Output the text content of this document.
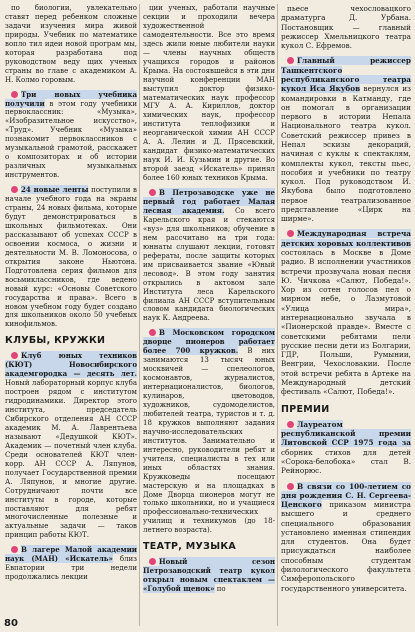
по биологии, увлекательно ставят перед ребенком сложные задачи изучения мира живой природы. Учебник по математике вопло тил идеи новой програм мы, которая разработана под руководством веду щих ученых страны во главе с академиком А. Н. Колмо горовым.

Три новых учебника получили в этом году учебники первоклассник: «Музыка», «Изобразительное искусство», «Труд». Учебник «Музыка» познакомит первоклассников с музыкальной грамотой, расскажет о композиторах и об истории различных музыкальных инструментов.

24 новые ленты поступили в начале учебного года на экраны страны, 24 новых фильма, которые будут демонстрироваться в школьных фильмотеках. Они рассказывают об успехах СССР в освоении космоса, о жизни и деятельности М. В. Ломоносова, о открытия законе Ньютона. Подготовлена серия фильмов для восьмиклассников, где ведено новый курс: «Основы Советского государства и права». Всего в новом учебном году будет создано для школьников около 50 учебных кинофильмов.

КЛУБЫ, КРУЖКИ

Клуб юных техников (КЮТ) Новосибирского академгородка — десять лет. Новый лабораторный корпус клуба построен рядом с институтом гидродинамики. Директор этого института, председатель Сибирского отделения АН СССР академик М. А. Лаврентьева называют «Дедушкой КЮТ». Академик — почетный член клуба. Среди основателей КЮТ член-корр. АН СССР А. Ляпунов, получает Государственной премии А. Ляпунов, и многие другие. Сотрудничают почти все институты в городе, которые поставляют для ребят многочисленные полезные и актуальные задачи — таков принцип работы КЮТ.

В лагере Малой академии наук (МАН) «Искатель» близ Евпатории три недели продолжались лекции

ции ученых, работали научные секции и проходили вечера художественной самодеятельности. Все это время здесь жили юные любители науки — члены научных обществ учащихся городов и районов Крыма. На состоявшейся в эти дни научной конференции МАН выступил доктор физико-математических наук профессор МГУ А. А. Кириллов, доктор химических наук, профессор института теплофизики и неорганической химии АН СССР А. А. Лелин и Д. Прясевский, кандидат физико-математических наук И. И. Кузьмин и другие. Во второй заезд «Искатель» принял более 160 юных техников Крыма.

В Петрозаводске уже не первый год работает Малая лесная академия. Со всего Карельского края и стекаются «вуз» для школьников; обучение в нем рассчитано на три года: юннаты слушают лекции, готовят рефераты, после защиты которых им присваивается звание «Юный лесовод». В этом году занятия открылись в актовом зале Института леса Карельского филиала АН СССР вступительным словом кандидата биологических наук К. Андреева.

В Московском городском дворце пионеров работает более 700 кружков. В них занимаются 13 тысяч юных москвичей — спелеологов, космонавтов, журналистов, интернационалистов, биологов, кулинаров, цветоводов, художников, судомоделистов, любителей театра, туристов и т. д. 18 кружков выполняют задания научно-исследовательских институтов. Занимательно и интересно, руководители ребят и учителя, специалисты в тех или иных областях знания. Кружковеды посещают мастерскую и на площадках в Доме Дворца пионеров могут не только школьники, но и учащиеся профессионально-технических училищ и техникумов (до 18-летнего возраста).

ТЕАТР, МУЗЫКА

Новый сезон Петрозаводский театр кукол открыл новым спектаклем — «Голубой щенок» по

пьесе чехословацкого драматурга Д. Урбана. Постановщик — главный режиссер Хмельницкого театра кукол С. Ефремов.

Главный режиссер Ташкентского республиканского театра кукол Иса Якубов вернулся из командировки в Катманду, где он помогал в организации первого в истории Непала Национального театра кукол. Советский режиссер привез в Непал эскизы декораций, начиная с куклы к спектаклям, комплекты кукол, тексты пьес, пособия и учебники по театру кукол. Под руководством И. Якубова было подготовлено первое театрализованное представление «Цирк на ширме».

Международная встреча детских хоровых коллективов состоялась в Москве в Доме радио. В исполнении участников встречи прозвучала новая песня Ю. Чичкова «Салют, Победа!». Хор из сотен голосов пел о мирном небе, о Лазмутовой «Улица мира», интернационально звучала в «Пионерской правде». Вместе с советскими ребятами пели русские песни дети из Болгарии, ГДР, Польши, Румынии, Венгрии, Чехословакии. После этой встречи ребята в Артеке на Международный детский фестиваль «Салют, Победа!».

ПРЕМИИ

Лауреатом республиканской премии Литовской ССР 1975 года за сборник стихов для детей «Сорока-белобока» стал В. Рейнорюс.

В связи со 100-летием со дня рождения С. Н. Сергеева-Ценского приказом министра высшего и среднего специального образования установлено именная стипендия для студентов. Она будет присуждаться наиболее способным студентам филологического факультета Симферопольского государственного университета.

80
